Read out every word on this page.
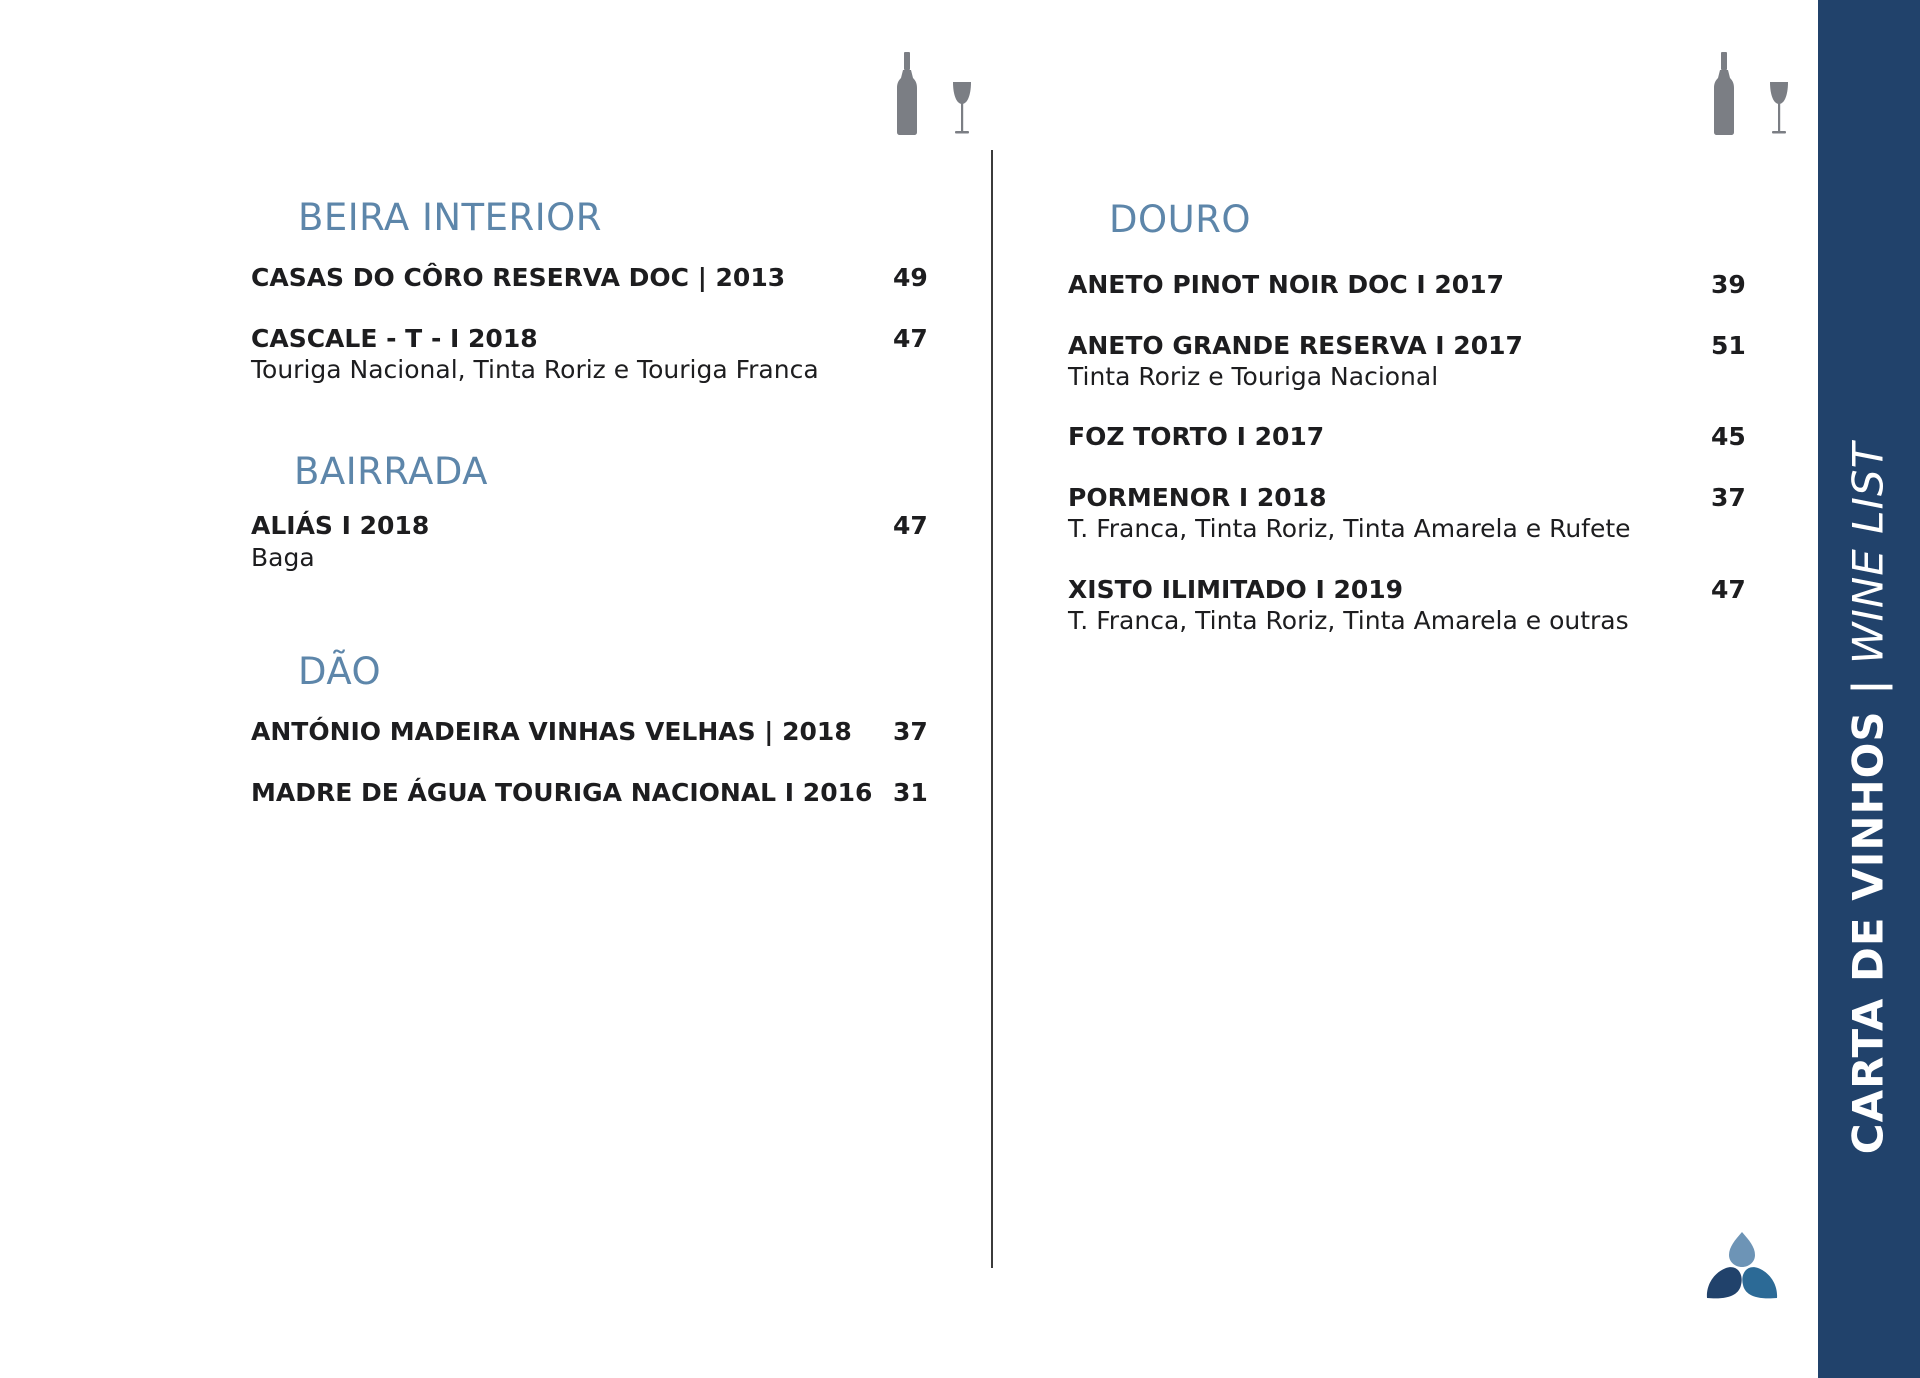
BEIRA INTERIOR
CASAS DO CÔRO RESERVA DOC | 2013	49
CASCALE - T - I 2018	47
Touriga Nacional, Tinta Roriz e Touriga Franca
BAIRRADA
ALIÁS I 2018	47
Baga
DÃO
ANTÓNIO MADEIRA VINHAS VELHAS | 2018 37
MADRE DE ÁGUA TOURIGA NACIONAL I 2016 31
DOURO
ANETO PINOT NOIR DOC I 2017	39
ANETO GRANDE RESERVA I 2017	51
Tinta Roriz e Touriga Nacional
FOZ TORTO I 2017	45
PORMENOR I 2018	37
T. Franca, Tinta Roriz, Tinta Amarela e Rufete
XISTO ILIMITADO I 2019	47
T. Franca, Tinta Roriz, Tinta Amarela e outras
CARTA DE VINHOS | WINE LIST
